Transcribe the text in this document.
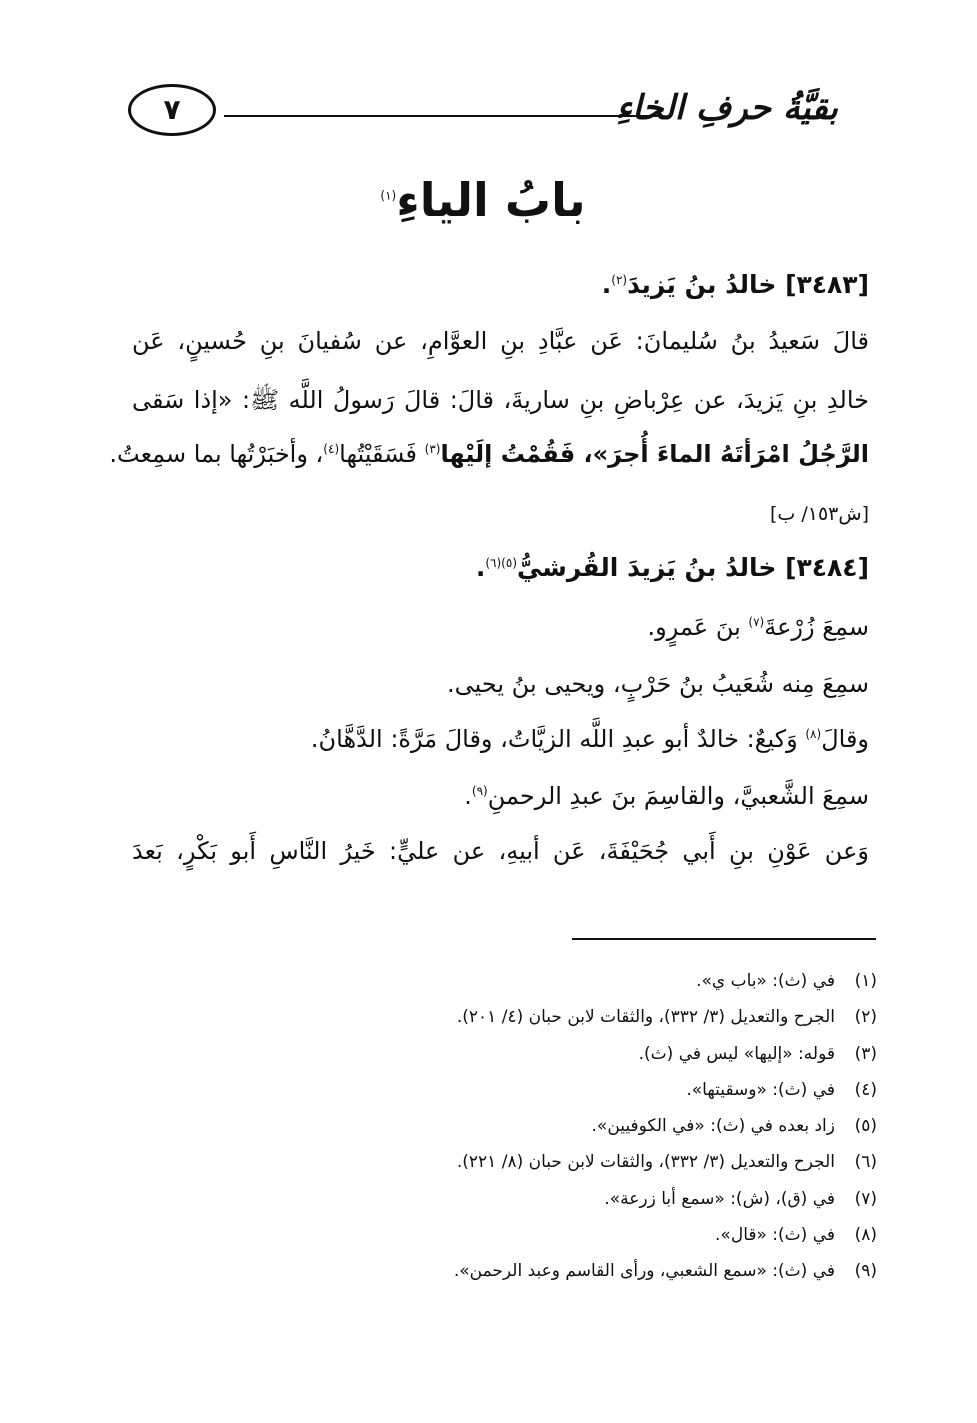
بقيَّةُ حرفِ الخاءِ
٧
بابُ الياءِ$^{(١)}$
[٣٤٨٣] خالدُ بنُ يَزيدَ$^{(٢)}$.
قالَ سَعيدُ بنُ سُليمانَ: عَن عبَّادِ بنِ العوَّامِ، عن سُفيانَ بنِ حُسينٍ، عَن
خالدِ بنِ يَزيدَ، عن عِرْباضِ بنِ ساريةَ، قالَ: قالَ رَسولُ اللَّه ﷺ: «إذا سَقى
الرَّجُلُ امْرَأتَهُ الماءَ أُجرَ»، فَقُمْتُ إلَيْها$^{(٣)}$ فَسَقَيْتُها$^{(٤)}$، وأخبَرْتُها بما سمِعتُ.
[ش١٥٣/ ب]
[٣٤٨٤] خالدُ بنُ يَزيدَ القُرشيُّ$^{(٥)(٦)}$.
سمِعَ زُرْعةَ$^{(٧)}$ بنَ عَمرٍو.
سمِعَ مِنه شُعَيبُ بنُ حَرْبٍ، ويحيى بنُ يحيى.
وقالَ$^{(٨)}$ وَكيعٌ: خالدٌ أبو عبدِ اللَّه الزيَّاتُ، وقالَ مَرَّةً: الدَّهَّانُ.
سمِعَ الشَّعبيَّ، والقاسِمَ بنَ عبدِ الرحمنِ$^{(٩)}$.
وَعن عَوْنِ بنِ أَبي جُحَيْفَةَ، عَن أبيهِ، عن عليٍّ: خَيرُ النَّاسِ أَبو بَكْرٍ، بَعدَ
(١)في (ث): «باب ي».
(٢)الجرح والتعديل (٣/ ٣٣٢)، والثقات لابن حبان (٤/ ٢٠١).
(٣)قوله: «إليها» ليس في (ث).
(٤)في (ث): «وسقيتها».
(٥)زاد بعده في (ث): «في الكوفيين».
(٦)الجرح والتعديل (٣/ ٣٣٢)، والثقات لابن حبان (٨/ ٢٢١).
(٧)في (ق)، (ش): «سمع أبا زرعة».
(٨)في (ث): «قال».
(٩)في (ث): «سمع الشعبي، ورأى القاسم وعبد الرحمن».
